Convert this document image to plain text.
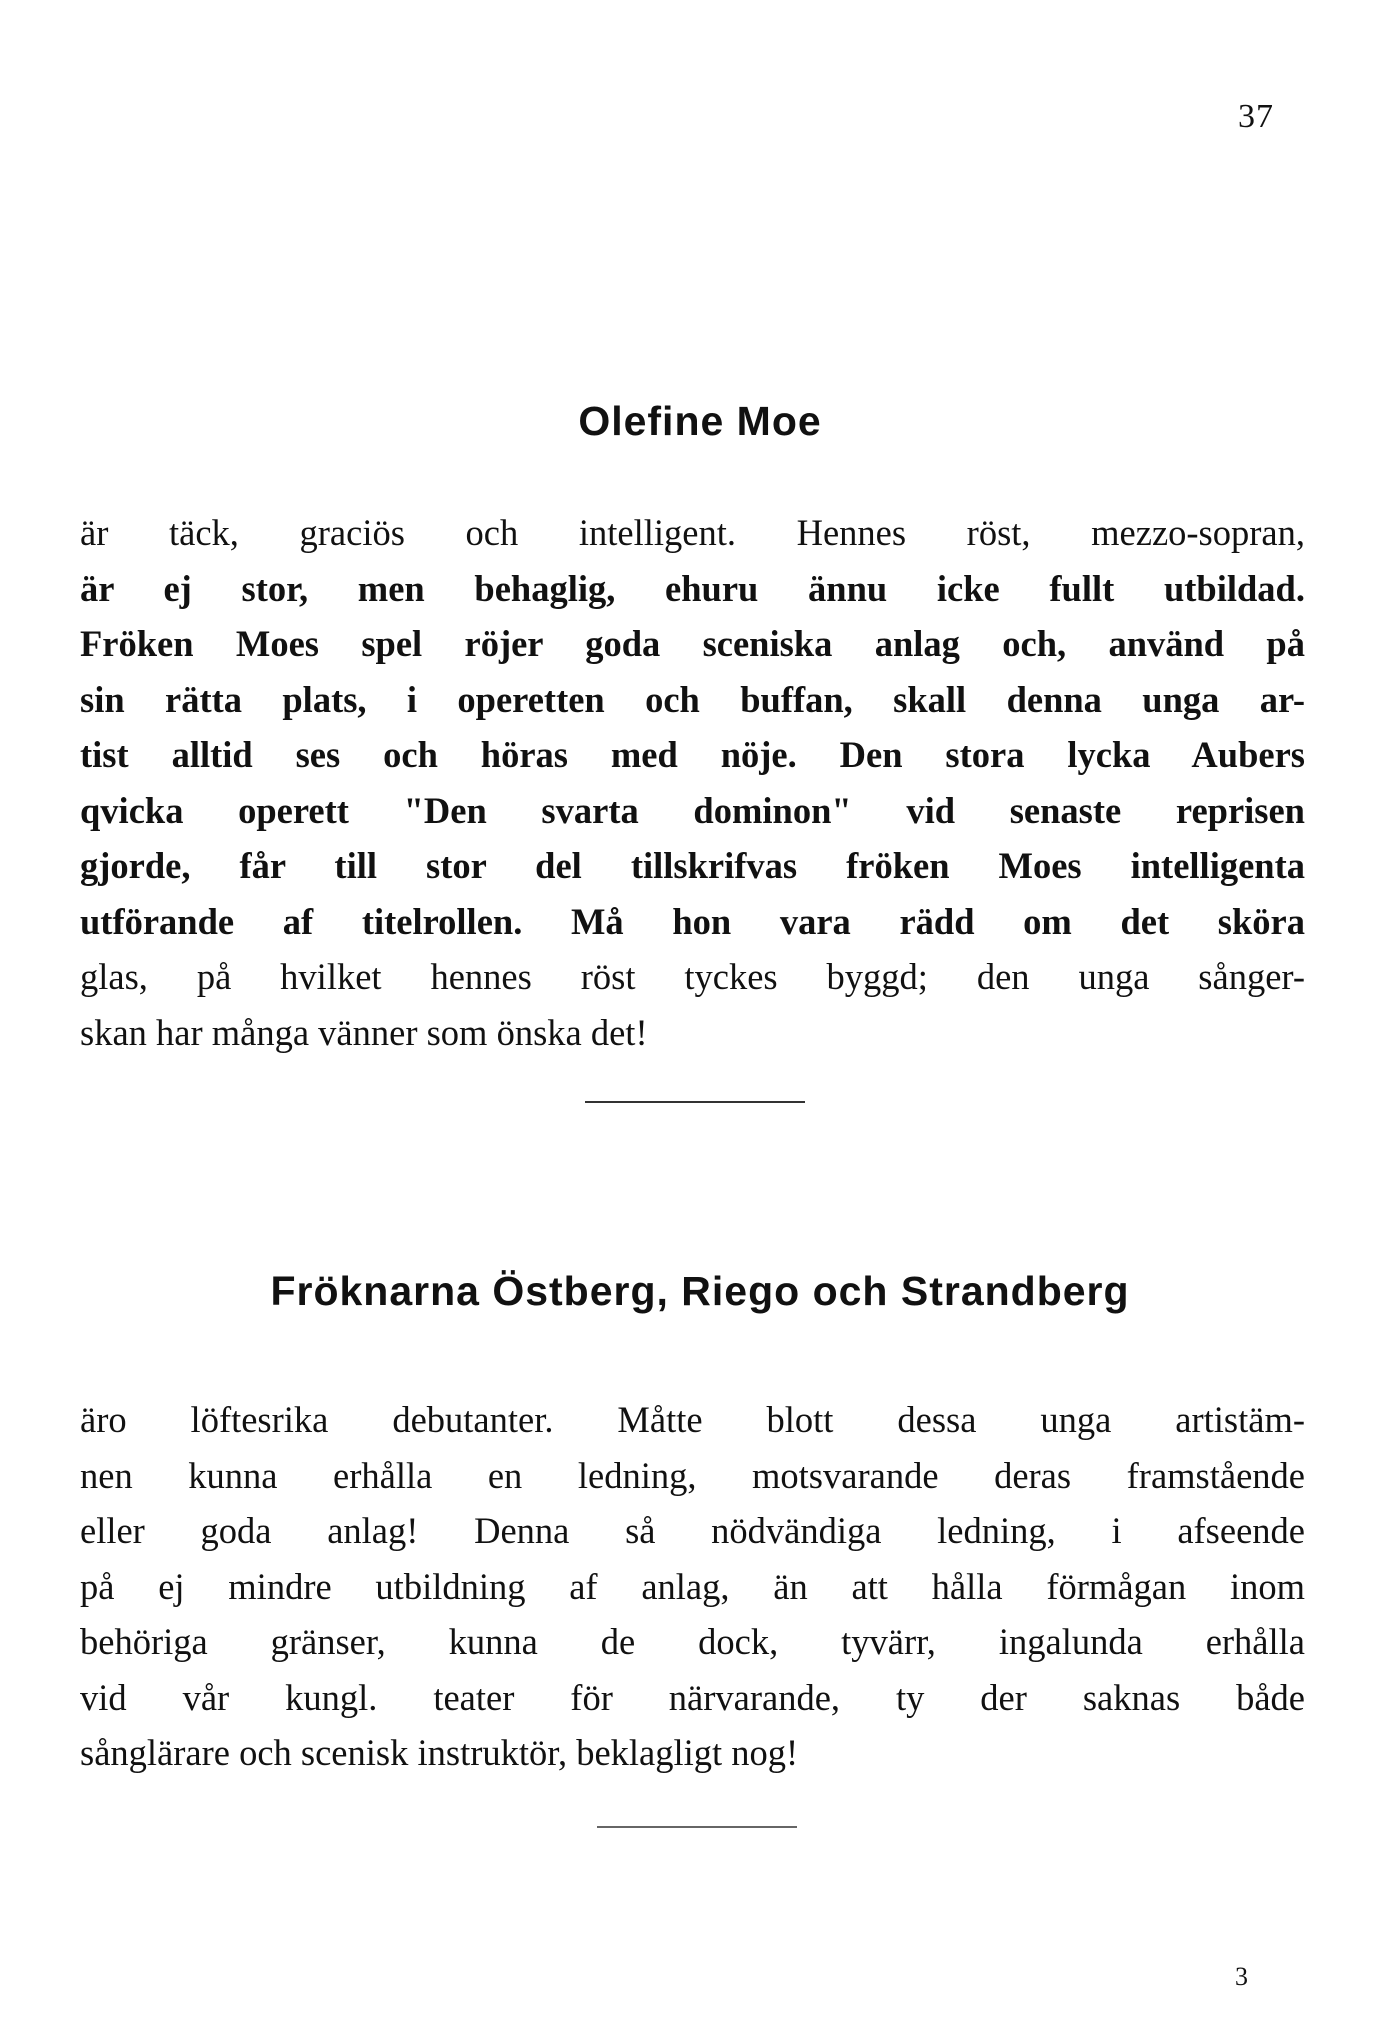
37
Olefine Moe
är täck, graciös och intelligent. Hennes röst, mezzo-sopran,
är ej stor, men behaglig, ehuru ännu icke fullt utbildad.
Fröken Moes spel röjer goda sceniska anlag och, använd på
sin rätta plats, i operetten och buffan, skall denna unga ar-
tist alltid ses och höras med nöje. Den stora lycka Aubers
qvicka operett "Den svarta dominon" vid senaste reprisen
gjorde, får till stor del tillskrifvas fröken Moes intelligenta
utförande af titelrollen. Må hon vara rädd om det sköra
glas, på hvilket hennes röst tyckes byggd; den unga sånger-
skan har många vänner som önska det!
Fröknarna Östberg, Riego och Strandberg
äro löftesrika debutanter. Måtte blott dessa unga artistäm-
nen kunna erhålla en ledning, motsvarande deras framstående
eller goda anlag! Denna så nödvändiga ledning, i afseende
på ej mindre utbildning af anlag, än att hålla förmågan inom
behöriga gränser, kunna de dock, tyvärr, ingalunda erhålla
vid vår kungl. teater för närvarande, ty der saknas både
sånglärare och scenisk instruktör, beklagligt nog!
3
